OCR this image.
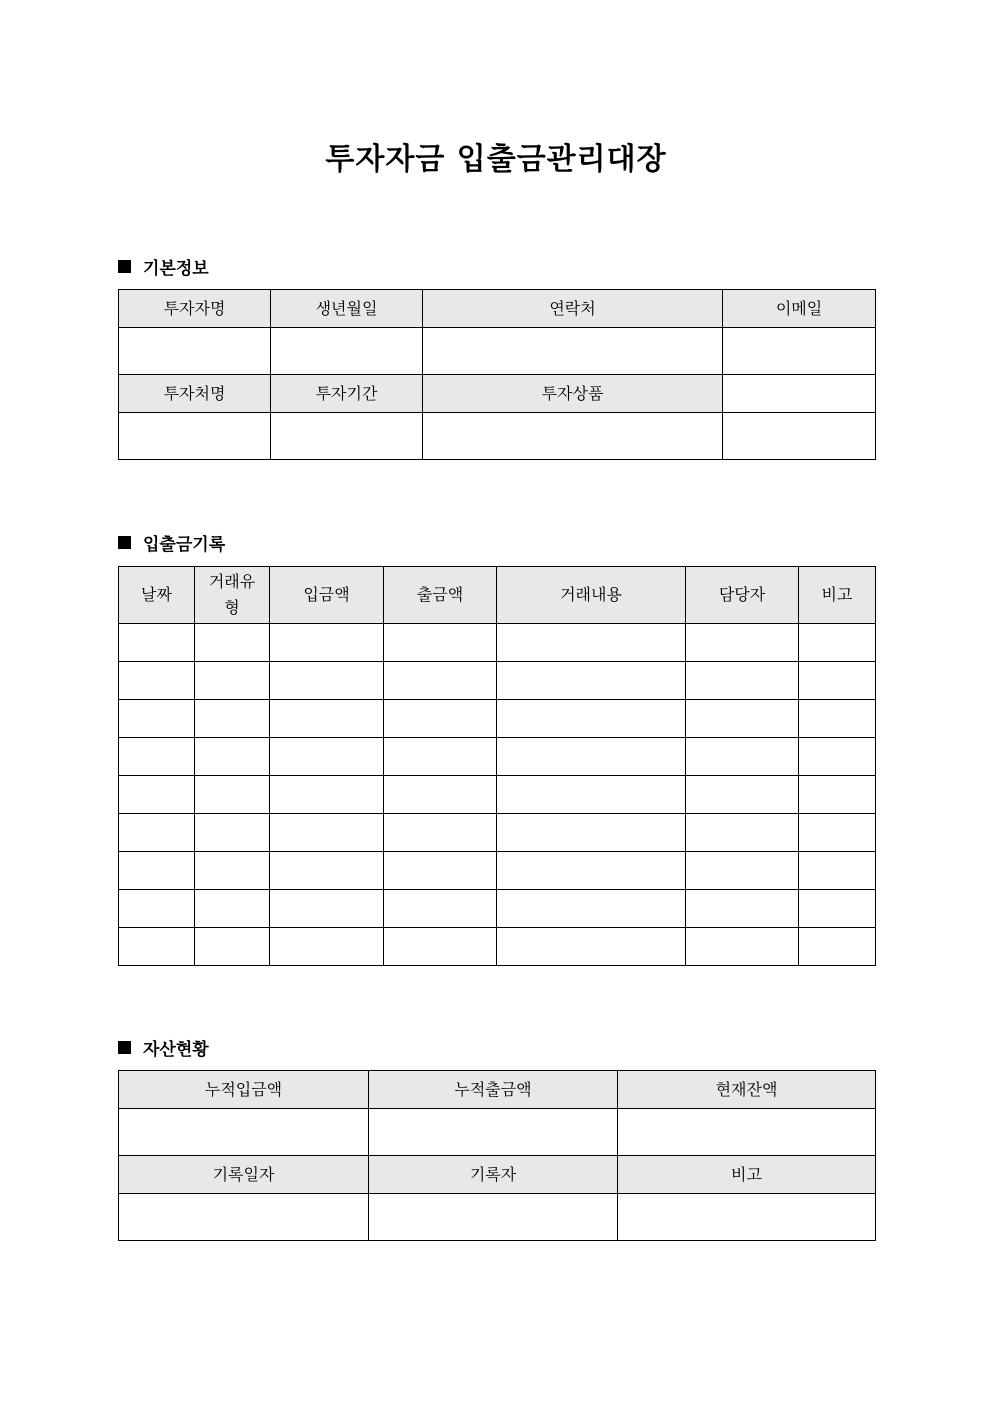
투자자금 입출금관리대장
기본정보
투자자명	생년월일	연락처	이메일

투자처명	투자기간	투자상품	

입출금기록
날짜	거래유형	입금액	출금액	거래내용	담당자	비고

자산현황
누적입금액	누적출금액	현재잔액

기록일자	기록자	비고
